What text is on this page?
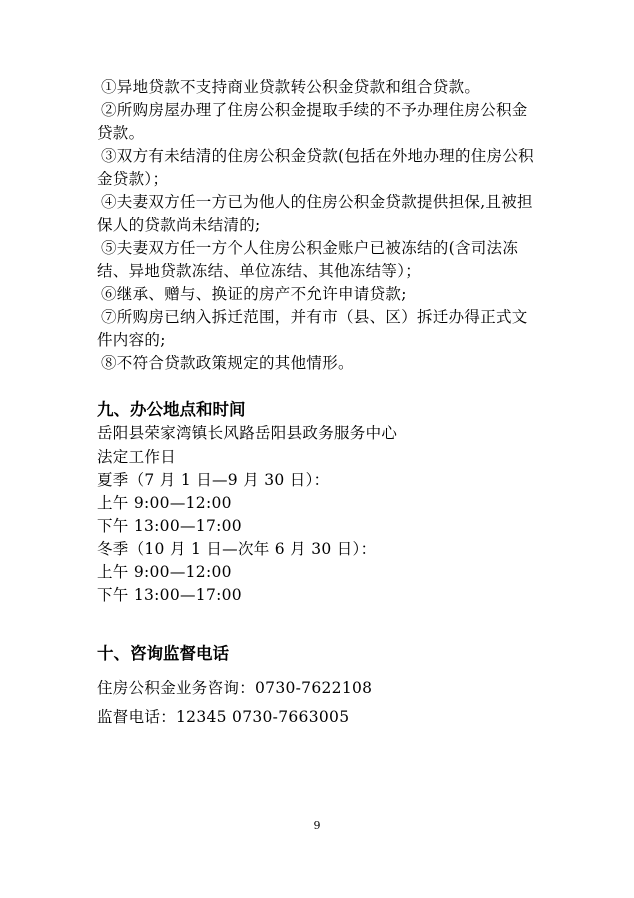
①异地贷款不支持商业贷款转公积金贷款和组合贷款。
②所购房屋办理了住房公积金提取手续的不予办理住房公积金贷款。
③双方有未结清的住房公积金贷款(包括在外地办理的住房公积金贷款）；
④夫妻双方任一方已为他人的住房公积金贷款提供担保,且被担保人的贷款尚未结清的;
⑤夫妻双方任一方个人住房公积金账户已被冻结的(含司法冻结、异地贷款冻结、单位冻结、其他冻结等）；
⑥继承、赠与、换证的房产不允许申请贷款;
⑦所购房已纳入拆迁范围，并有市（县、区）拆迁办得正式文件内容的;
⑧不符合贷款政策规定的其他情形。
九、办公地点和时间
岳阳县荣家湾镇长风路岳阳县政务服务中心
法定工作日
夏季（7 月 1 日—9 月 30 日）：
上午 9:00—12:00
下午 13:00—17:00
冬季（10 月 1 日—次年 6 月 30 日）：
上午 9:00—12:00
下午 13:00—17:00
十、咨询监督电话
住房公积金业务咨询：0730-7622108
监督电话：12345 0730-7663005
9
